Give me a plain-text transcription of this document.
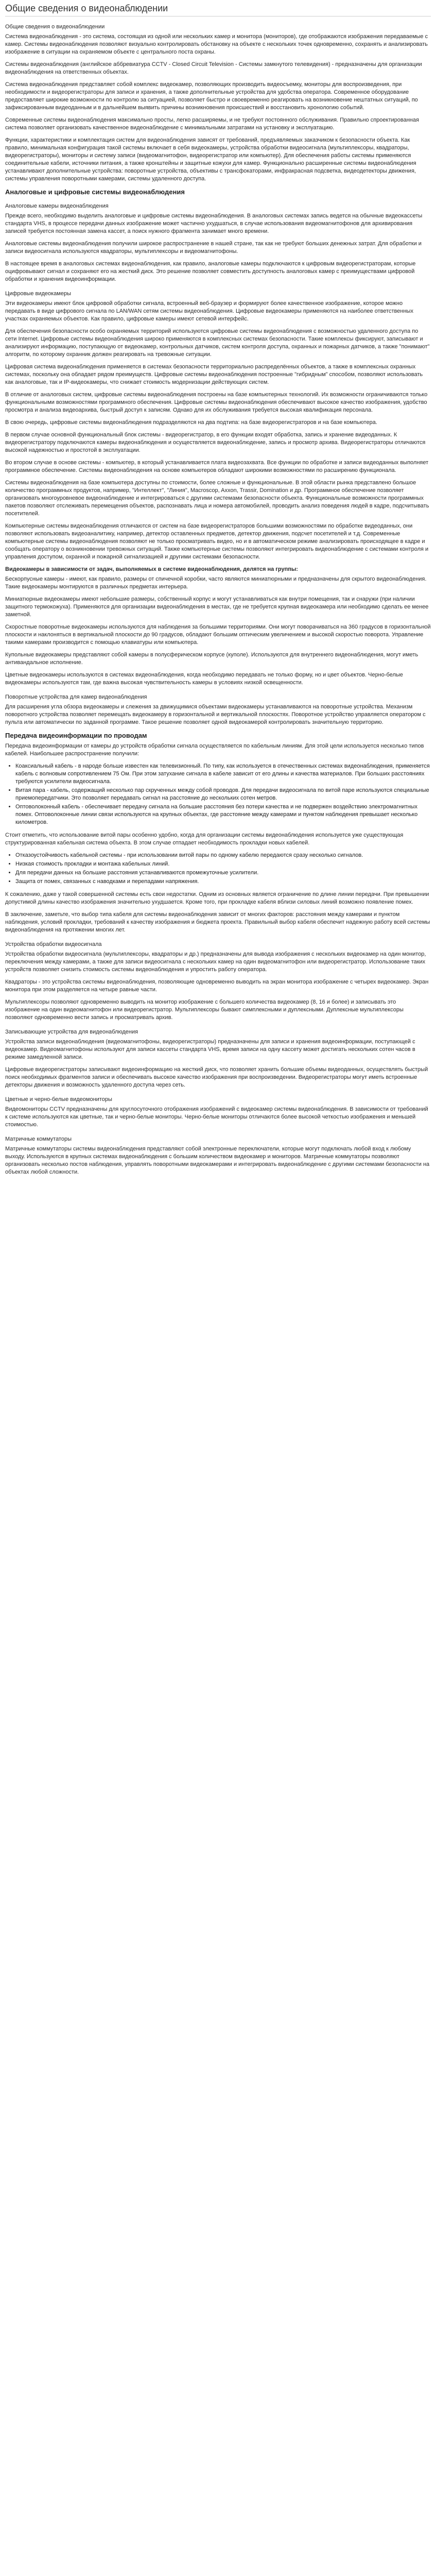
Общие сведения о видеонаблюдении
Общие сведения о видеонаблюдении

Система видеонаблюдения - это система, состоящая из одной или нескольких камер и монитора (мониторов), где отображаются изображения передаваемые с камер. Системы видеонаблюдения позволяют визуально контролировать обстановку на объекте с нескольких точек одновременно, сохранять и анализировать изображение в ситуации на охраняемом объекте с центрального поста охраны.

Системы видеонаблюдения (английское аббревиатура CCTV - Closed Circuit Television - Системы замкнутого телевидения) - предназначены для организации видеонаблюдения на ответственных объектах.

Система видеонаблюдения представляет собой комплекс видеокамер, позволяющих производить видеосъемку, мониторы для воспроизведения, при необходимости и видеорегистраторы для записи и хранения, а также дополнительные устройства для удобства оператора. Современное оборудование предоставляет широкие возможности по контролю за ситуацией, позволяет быстро и своевременно реагировать на возникновение нештатных ситуаций, по зафиксированным видеоданным и в дальнейшем выявить причины возникновения происшествий и восстановить хронологию событий.

Современные системы видеонаблюдения максимально просты, легко расширяемы, и не требуют постоянного обслуживания. Правильно спроектированная система позволяет организовать качественное видеонаблюдение с минимальными затратами на установку и эксплуатацию.

Функции, характеристики и комплектация систем для видеонаблюдения зависят от требований, предъявляемых заказчиком к безопасности объекта. Как правило, минимальная конфигурация такой системы включает в себя видеокамеры, устройства обработки видеосигнала (мультиплексоры, квадраторы, видеорегистраторы), мониторы и систему записи (видеомагнитофон, видеорегистратор или компьютер). Для обеспечения работы системы применяются соединительные кабели, источники питания, а также кронштейны и защитные кожухи для камер. Функционально расширенные системы видеонаблюдения устанавливают дополнительные устройства: поворотные устройства, объективы с трансфокаторами, инфракрасная подсветка, видеодетекторы движения, системы управления поворотными камерами, системы удаленного доступа.

Аналоговые и цифровые системы видеонаблюдения
Аналоговые камеры видеонаблюдения

Прежде всего, необходимо выделить аналоговые и цифровые системы видеонаблюдения. В аналоговых системах запись ведется на обычные видеокассеты стандарта VHS, в процессе передачи данных изображение может частично ухудшаться, в случае использования видеомагнитофонов для архивирования записей требуется постоянная замена кассет, а поиск нужного фрагмента занимает много времени.

Аналоговые системы видеонаблюдения получили широкое распространение в нашей стране, так как не требуют больших денежных затрат. Для обработки и записи видеосигнала используются квадраторы, мультиплексоры и видеомагнитофоны.

В настоящее время в аналоговых системах видеонаблюдения, как правило, аналоговые камеры подключаются к цифровым видеорегистраторам, которые оцифровывают сигнал и сохраняют его на жесткий диск. Это решение позволяет совместить доступность аналоговых камер с преимуществами цифровой обработки и хранения видеоинформации.

Цифровые видеокамеры

Эти видеокамеры имеют блок цифровой обработки сигнала, встроенный веб-браузер и формируют более качественное изображение, которое можно передавать в виде цифрового сигнала по LAN/WAN сетям системы видеонаблюдения. Цифровые видеокамеры применяются на наиболее ответственных участках охраняемых объектов. Как правило, цифровые камеры имеют сетевой интерфейс.

Для обеспечения безопасности особо охраняемых территорий используются цифровые системы видеонаблюдения с возможностью удаленного доступа по сети Internet. Цифровые системы видеонаблюдения широко применяются в комплексных системах безопасности. Такие комплексы фиксируют, записывают и анализируют информацию, поступающую от видеокамер, контрольных датчиков, систем контроля доступа, охранных и пожарных датчиков, а также "понимают" алгоритм, по которому охранник должен реагировать на тревожные ситуации.

Цифровая система видеонаблюдения применяется в системах безопасности территориально распределённых объектов, а также в комплексных охранных системах, поскольку она обладает рядом преимуществ. Цифровые системы видеонаблюдения построенные "гибридным" способом, позволяют использовать как аналоговые, так и IP-видеокамеры, что снижает стоимость модернизации действующих систем.

В отличие от аналоговых систем, цифровые системы видеонаблюдения построены на базе компьютерных технологий. Их возможности ограничиваются только функциональными возможностями программного обеспечения. Цифровые системы видеонаблюдения обеспечивают высокое качество изображения, удобство просмотра и анализа видеоархива, быстрый доступ к записям. Однако для их обслуживания требуется высокая квалификация персонала.

В свою очередь, цифровые системы видеонаблюдения подразделяются на два подтипа: на базе видеорегистраторов и на базе компьютера.

В первом случае основной функциональный блок системы - видеорегистратор, в его функции входят обработка, запись и хранение видеоданных. К видеорегистратору подключаются камеры видеонаблюдения и осуществляется видеонаблюдение, запись и просмотр архива. Видеорегистраторы отличаются высокой надежностью и простотой в эксплуатации.

Во втором случае в основе системы - компьютер, в который устанавливается плата видеозахвата. Все функции по обработке и записи видеоданных выполняет программное обеспечение. Системы видеонаблюдения на основе компьютеров обладают широкими возможностями по расширению функционала.

Системы видеонаблюдения на базе компьютера доступны по стоимости, более сложные и функциональные. В этой области рынка представлено большое количество программных продуктов, например, "Интеллект", "Линия", Macroscop, Axxon, Trassir, Domination и др. Программное обеспечение позволяет организовать многоуровневое видеонаблюдение и интегрироваться с другими системами безопасности объекта. Функциональные возможности программных пакетов позволяют отслеживать перемещения объектов, распознавать лица и номера автомобилей, проводить анализ поведения людей в кадре, подсчитывать посетителей.

Компьютерные системы видеонаблюдения отличаются от систем на базе видеорегистраторов большими возможностями по обработке видеоданных, они позволяют использовать видеоаналитику, например, детектор оставленных предметов, детектор движения, подсчет посетителей и т.д. Современные компьютерные системы видеонаблюдения позволяют не только просматривать видео, но и в автоматическом режиме анализировать происходящее в кадре и сообщать оператору о возникновении тревожных ситуаций. Также компьютерные системы позволяют интегрировать видеонаблюдение с системами контроля и управления доступом, охранной и пожарной сигнализацией и другими системами безопасности.

Видеокамеры в зависимости от задач, выполняемых в системе видеонаблюдения, делятся на группы:

Бескорпусные камеры - имеют, как правило, размеры от спичечной коробки, часто являются миниатюрными и предназначены для скрытого видеонаблюдения. Такие видеокамеры монтируются в различных предметах интерьера.

Миниатюрные видеокамеры имеют небольшие размеры, собственный корпус и могут устанавливаться как внутри помещения, так и снаружи (при наличии защитного термокожуха). Применяются для организации видеонаблюдения в местах, где не требуется крупная видеокамера или необходимо сделать ее менее заметной.

Скоростные поворотные видеокамеры используются для наблюдения за большими территориями. Они могут поворачиваться на 360 градусов в горизонтальной плоскости и наклоняться в вертикальной плоскости до 90 градусов, обладают большим оптическим увеличением и высокой скоростью поворота. Управление такими камерами производится с помощью клавиатуры или компьютера.

Купольные видеокамеры представляют собой камеры в полусферическом корпусе (куполе). Используются для внутреннего видеонаблюдения, могут иметь антивандальное исполнение.

Цветные видеокамеры используются в системах видеонаблюдения, когда необходимо передавать не только форму, но и цвет объектов. Черно-белые видеокамеры используются там, где важна высокая чувствительность камеры в условиях низкой освещенности.

Поворотные устройства для камер видеонаблюдения

Для расширения угла обзора видеокамеры и слежения за движущимися объектами видеокамеры устанавливаются на поворотные устройства. Механизм поворотного устройства позволяет перемещать видеокамеру в горизонтальной и вертикальной плоскостях. Поворотное устройство управляется оператором с пульта или автоматически по заданной программе. Такое решение позволяет одной видеокамерой контролировать значительную территорию.

Передача видеоинформации по проводам

Передача видеоинформации от камеры до устройств обработки сигнала осуществляется по кабельным линиям. Для этой цели используется несколько типов кабелей. Наибольшее распространение получили:

• Коаксиальный кабель - в народе больше известен как телевизионный. По типу, как используется в отечественных системах видеонаблюдения, применяется кабель с волновым сопротивлением 75 Ом. При этом затухание сигнала в кабеле зависит от его длины и качества материалов. При больших расстояниях требуются усилители видеосигнала.
• Витая пара - кабель, содержащий несколько пар скрученных между собой проводов. Для передачи видеосигнала по витой паре используются специальные приемопередатчики. Это позволяет передавать сигнал на расстояние до нескольких сотен метров.
• Оптоволоконный кабель - обеспечивает передачу сигнала на большие расстояния без потери качества и не подвержен воздействию электромагнитных помех. Оптоволоконные линии связи используются на крупных объектах, где расстояние между камерами и пунктом наблюдения превышает несколько километров.

Стоит отметить, что использование витой пары особенно удобно, когда для организации системы видеонаблюдения используется уже существующая структурированная кабельная система объекта. В этом случае отпадает необходимость прокладки новых кабелей.

• Отказоустойчивость кабельной системы - при использовании витой пары по одному кабелю передаются сразу несколько сигналов.
• Низкая стоимость прокладки и монтажа кабельных линий.
• Для передачи данных на большие расстояния устанавливаются промежуточные усилители.
• Защита от помех, связанных с наводками и перепадами напряжения.

К сожалению, даже у такой совершенной системы есть свои недостатки. Одним из основных является ограничение по длине линии передачи. При превышении допустимой длины качество изображения значительно ухудшается. Кроме того, при прокладке кабеля вблизи силовых линий возможно появление помех.

В заключение, заметьте, что выбор типа кабеля для системы видеонаблюдения зависит от многих факторов: расстояния между камерами и пунктом наблюдения, условий прокладки, требований к качеству изображения и бюджета проекта. Правильный выбор кабеля обеспечит надежную работу всей системы видеонаблюдения на протяжении многих лет.

Устройства обработки видеосигнала

Устройства обработки видеосигнала (мультиплексоры, квадраторы и др.) предназначены для вывода изображения с нескольких видеокамер на один монитор, переключения между камерами, а также для записи видеосигнала с нескольких камер на один видеомагнитофон или видеорегистратор. Использование таких устройств позволяет снизить стоимость системы видеонаблюдения и упростить работу оператора.

Квадраторы - это устройства системы видеонаблюдения, позволяющие одновременно выводить на экран монитора изображение с четырех видеокамер. Экран монитора при этом разделяется на четыре равные части.

Мультиплексоры позволяют одновременно выводить на монитор изображение с большего количества видеокамер (8, 16 и более) и записывать это изображение на один видеомагнитофон или видеорегистратор. Мультиплексоры бывают симплексными и дуплексными. Дуплексные мультиплексоры позволяют одновременно вести запись и просматривать архив.

Записывающие устройства для видеонаблюдения

Устройства записи видеонаблюдения (видеомагнитофоны, видеорегистраторы) предназначены для записи и хранения видеоинформации, поступающей с видеокамер. Видеомагнитофоны используют для записи кассеты стандарта VHS, время записи на одну кассету может достигать нескольких сотен часов в режиме замедленной записи.

Цифровые видеорегистраторы записывают видеоинформацию на жесткий диск, что позволяет хранить большие объемы видеоданных, осуществлять быстрый поиск необходимых фрагментов записи и обеспечивать высокое качество изображения при воспроизведении. Видеорегистраторы могут иметь встроенные детекторы движения и возможность удаленного доступа через сеть.

Цветные и черно-белые видеомониторы

Видеомониторы CCTV предназначены для круглосуточного отображения изображений с видеокамер системы видеонаблюдения. В зависимости от требований к системе используются как цветные, так и черно-белые мониторы. Черно-белые мониторы отличаются более высокой четкостью изображения и меньшей стоимостью.

Матричные коммутаторы

Матричные коммутаторы системы видеонаблюдения представляют собой электронные переключатели, которые могут подключать любой вход к любому выходу. Используются в крупных системах видеонаблюдения с большим количеством видеокамер и мониторов. Матричные коммутаторы позволяют организовать несколько постов наблюдения, управлять поворотными видеокамерами и интегрировать видеонаблюдение с другими системами безопасности на объектах любой сложности.
